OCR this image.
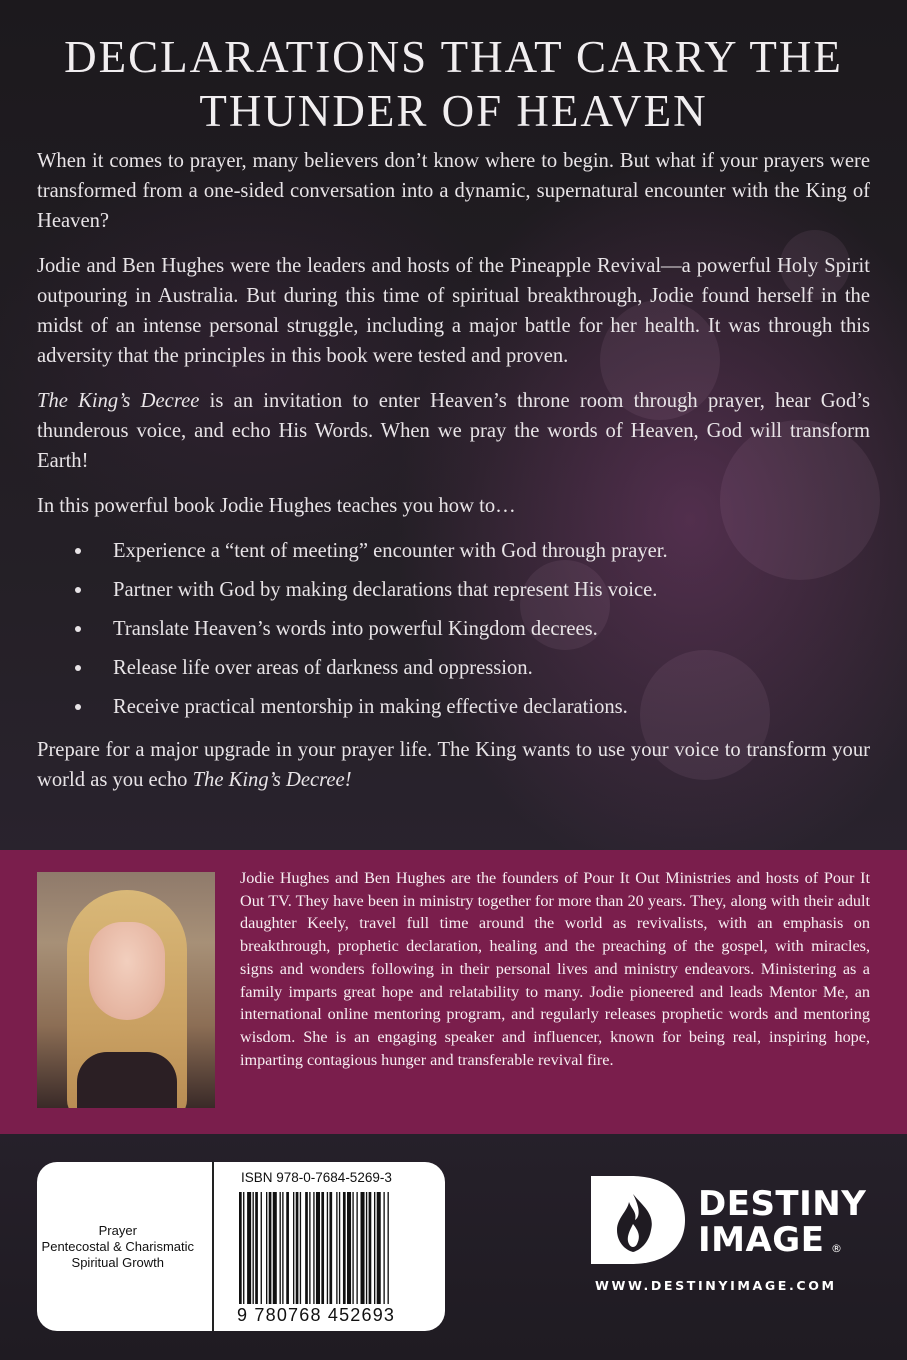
DECLARATIONS THAT CARRY THE
THUNDER OF HEAVEN

When it comes to prayer, many believers don’t know where to begin. But what if your prayers were transformed from a one-sided conversation into a dynamic, supernatural encounter with the King of Heaven?

Jodie and Ben Hughes were the leaders and hosts of the Pineapple Revival—a powerful Holy Spirit outpouring in Australia. But during this time of spiritual breakthrough, Jodie found herself in the midst of an intense personal struggle, including a major battle for her health. It was through this adversity that the principles in this book were tested and proven.

The King’s Decree is an invitation to enter Heaven’s throne room through prayer, hear God’s thunderous voice, and echo His Words. When we pray the words of Heaven, God will transform Earth!

In this powerful book Jodie Hughes teaches you how to…

Experience a “tent of meeting” encounter with God through prayer.
Partner with God by making declarations that represent His voice.
Translate Heaven’s words into powerful Kingdom decrees.
Release life over areas of darkness and oppression.
Receive practical mentorship in making effective declarations.

Prepare for a major upgrade in your prayer life. The King wants to use your voice to transform your world as you echo The King’s Decree!

Jodie Hughes and Ben Hughes are the founders of Pour It Out Ministries and hosts of Pour It Out TV. They have been in ministry together for more than 20 years. They, along with their adult daughter Keely, travel full time around the world as revivalists, with an emphasis on breakthrough, prophetic declaration, healing and the preaching of the gospel, with miracles, signs and wonders following in their personal lives and ministry endeavors. Ministering as a family imparts great hope and relatability to many. Jodie pioneered and leads Mentor Me, an international online mentoring program, and regularly releases prophetic words and mentoring wisdom. She is an engaging speaker and influencer, known for being real, inspiring hope, imparting contagious hunger and transferable revival fire.

Prayer
Pentecostal & Charismatic
Spiritual Growth

ISBN 978-0-7684-5269-3

9 780768 452693

DESTINY
IMAGE ®

WWW.DESTINYIMAGE.COM
